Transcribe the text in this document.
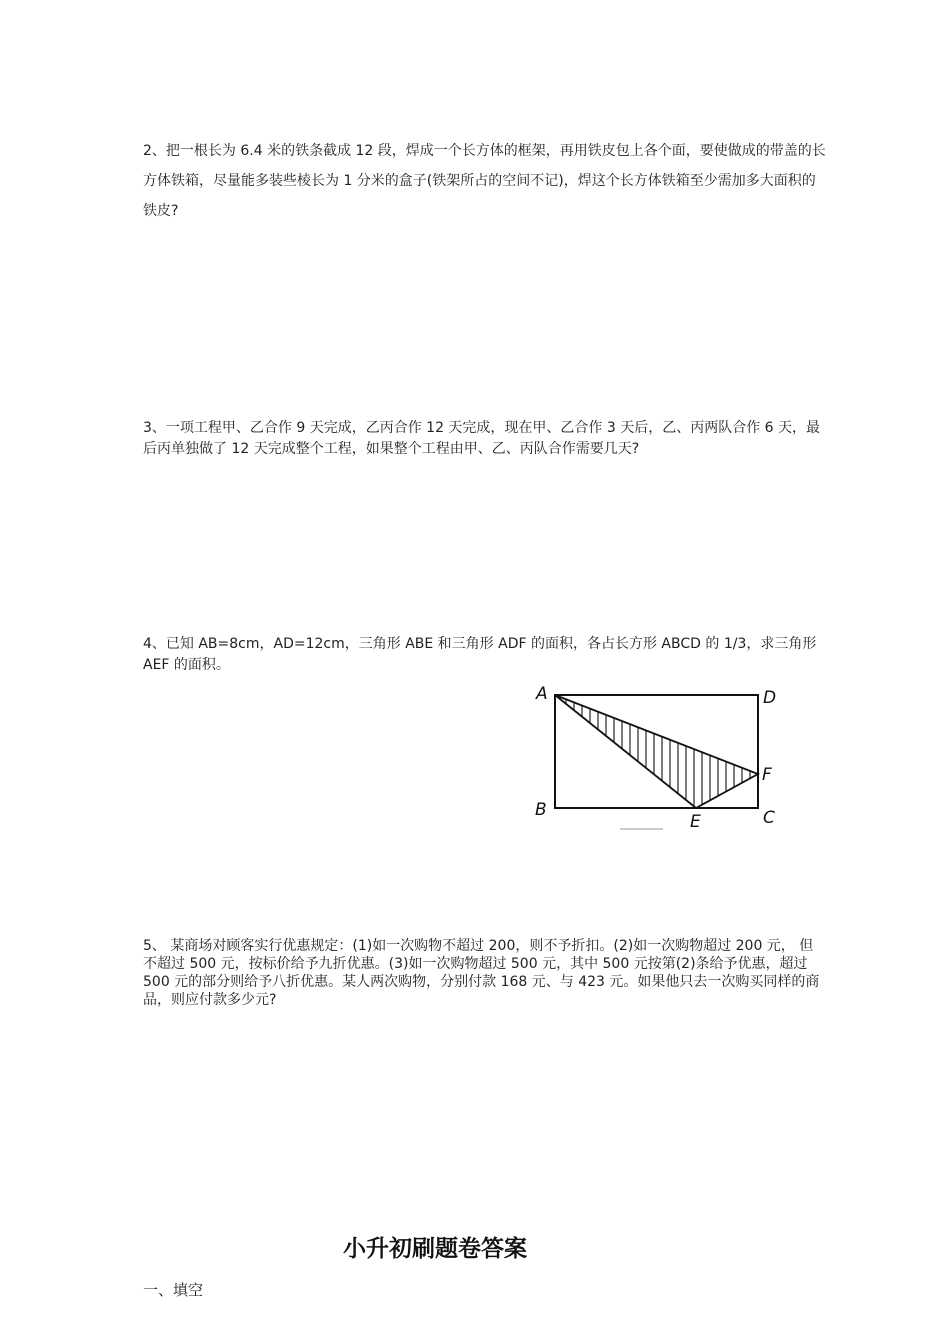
2、把一根长为 6.4 米的铁条截成 12 段，焊成一个长方体的框架，再用铁皮包上各个面，要使做成的带盖的长方体铁箱，尽量能多装些棱长为 1 分米的盒子(铁架所占的空间不记)，焊这个长方体铁箱至少需加多大面积的铁皮?

3、一项工程甲、乙合作 9 天完成，乙丙合作 12 天完成，现在甲、乙合作 3 天后，乙、丙两队合作 6 天，最后丙单独做了 12 天完成整个工程，如果整个工程由甲、乙、丙队合作需要几天?

4、已知 AB=8cm，AD=12cm，三角形 ABE 和三角形 ADF 的面积，各占长方形 ABCD 的 1/3，求三角形 AEF 的面积。

A
B	C
D
E
F

5、 某商场对顾客实行优惠规定：(1)如一次购物不超过 200，则不予折扣。(2)如一次购物超过 200 元， 但不超过 500 元，按标价给予九折优惠。(3)如一次购物超过 500 元，其中 500 元按第(2)条给予优惠，超过 500 元的部分则给予八折优惠。某人两次购物，分别付款 168 元、与 423 元。如果他只去一次购买同样的商品，则应付款多少元?

小升初刷题卷答案
一、填空
